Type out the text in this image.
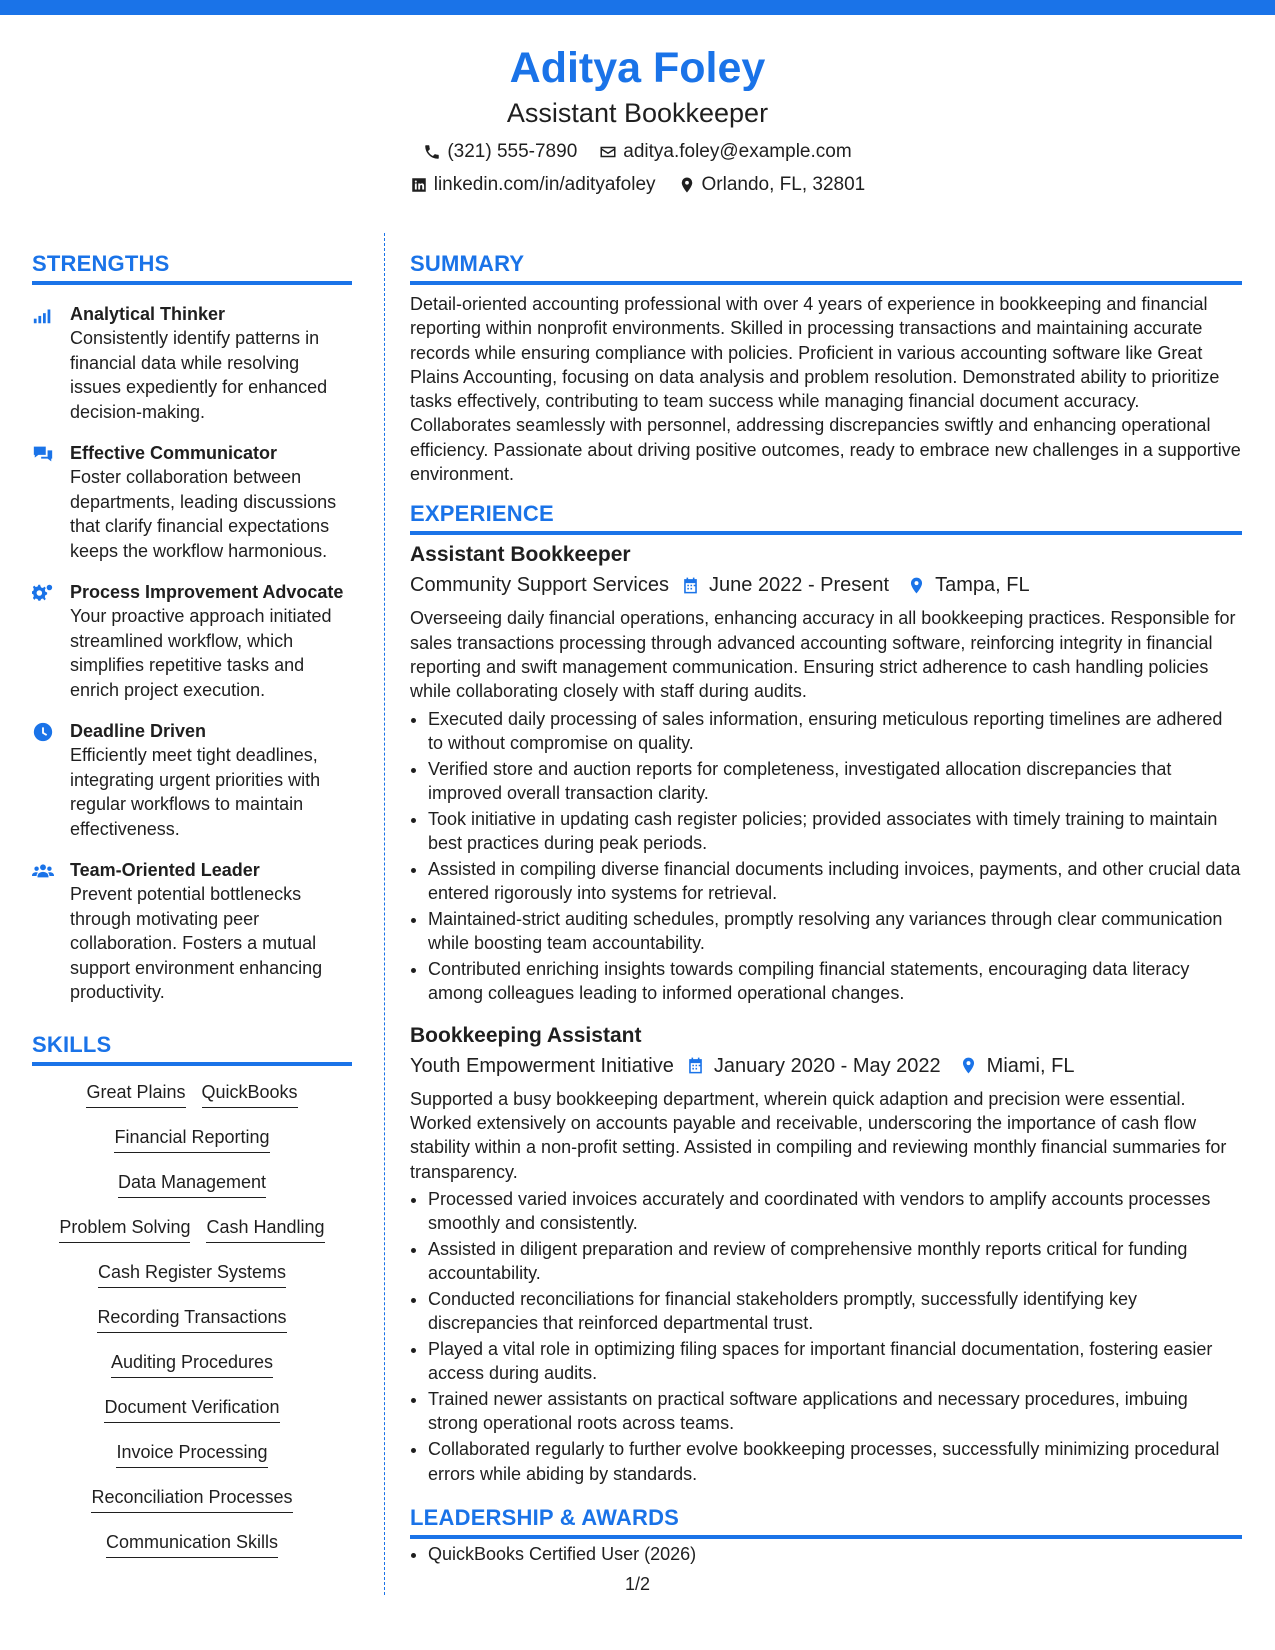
Aditya Foley
Assistant Bookkeeper
(321) 555-7890 aditya.foley@example.com
linkedin.com/in/adityafoley Orlando, FL, 32801
STRENGTHS
Analytical Thinker
Consistently identify patterns in financial data while resolving issues expediently for enhanced decision-making.
Effective Communicator
Foster collaboration between departments, leading discussions that clarify financial expectations keeps the workflow harmonious.
Process Improvement Advocate
Your proactive approach initiated streamlined workflow, which simplifies repetitive tasks and enrich project execution.
Deadline Driven
Efficiently meet tight deadlines, integrating urgent priorities with regular workflows to maintain effectiveness.
Team-Oriented Leader
Prevent potential bottlenecks through motivating peer collaboration. Fosters a mutual support environment enhancing productivity.
SKILLS
Great Plains QuickBooks
Financial Reporting
Data Management
Problem Solving Cash Handling
Cash Register Systems
Recording Transactions
Auditing Procedures
Document Verification
Invoice Processing
Reconciliation Processes
Communication Skills
SUMMARY

Detail-oriented accounting professional with over 4 years of experience in bookkeeping and financial reporting within nonprofit environments. Skilled in processing transactions and maintaining accurate records while ensuring compliance with policies. Proficient in various accounting software like Great Plains Accounting, focusing on data analysis and problem resolution. Demonstrated ability to prioritize tasks effectively, contributing to team success while managing financial document accuracy. Collaborates seamlessly with personnel, addressing discrepancies swiftly and enhancing operational efficiency. Passionate about driving positive outcomes, ready to embrace new challenges in a supportive environment.

EXPERIENCE
Assistant Bookkeeper
Community Support Services June 2022 - Present Tampa, FL

Overseeing daily financial operations, enhancing accuracy in all bookkeeping practices. Responsible for sales transactions processing through advanced accounting software, reinforcing integrity in financial reporting and swift management communication. Ensuring strict adherence to cash handling policies while collaborating closely with staff during audits.

• Executed daily processing of sales information, ensuring meticulous reporting timelines are adhered to without compromise on quality.
• Verified store and auction reports for completeness, investigated allocation discrepancies that improved overall transaction clarity.
• Took initiative in updating cash register policies; provided associates with timely training to maintain best practices during peak periods.
• Assisted in compiling diverse financial documents including invoices, payments, and other crucial data entered rigorously into systems for retrieval.
• Maintained-strict auditing schedules, promptly resolving any variances through clear communication while boosting team accountability.
• Contributed enriching insights towards compiling financial statements, encouraging data literacy among colleagues leading to informed operational changes.
Bookkeeping Assistant
Youth Empowerment Initiative January 2020 - May 2022 Miami, FL

Supported a busy bookkeeping department, wherein quick adaption and precision were essential. Worked extensively on accounts payable and receivable, underscoring the importance of cash flow stability within a non-profit setting. Assisted in compiling and reviewing monthly financial summaries for transparency.

• Processed varied invoices accurately and coordinated with vendors to amplify accounts processes smoothly and consistently.
• Assisted in diligent preparation and review of comprehensive monthly reports critical for funding accountability.
• Conducted reconciliations for financial stakeholders promptly, successfully identifying key discrepancies that reinforced departmental trust.
• Played a vital role in optimizing filing spaces for important financial documentation, fostering easier access during audits.
• Trained newer assistants on practical software applications and necessary procedures, imbuing strong operational roots across teams.
• Collaborated regularly to further evolve bookkeeping processes, successfully minimizing procedural errors while abiding by standards.
LEADERSHIP & AWARDS
• QuickBooks Certified User (2026)
1/2
